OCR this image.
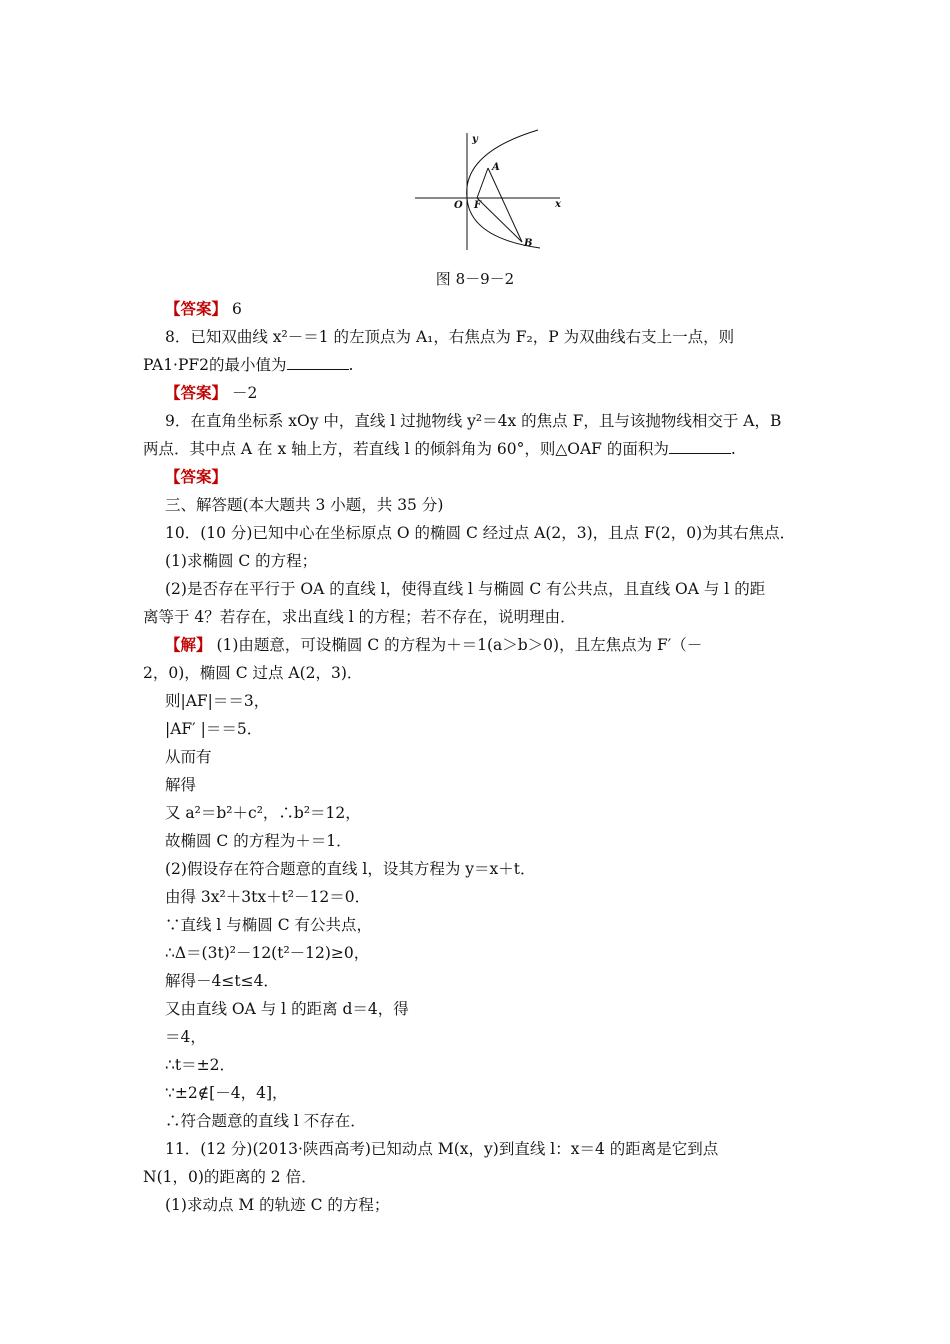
y
x
O F
A
B
图 8－9－2
【答案】 6
8．已知双曲线 x²－＝1 的左顶点为 A₁，右焦点为 F₂，P 为双曲线右支上一点，则
PA1·PF2的最小值为	.
【答案】 －2
9．在直角坐标系 xOy 中，直线 l 过抛物线 y²＝4x 的焦点 F，且与该抛物线相交于 A，B
两点．其中点 A 在 x 轴上方，若直线 l 的倾斜角为 60°，则△OAF 的面积为	.
【答案】
三、解答题(本大题共 3 小题，共 35 分)
10．(10 分)已知中心在坐标原点 O 的椭圆 C 经过点 A(2，3)，且点 F(2，0)为其右焦点．
(1)求椭圆 C 的方程；
(2)是否存在平行于 OA 的直线 l，使得直线 l 与椭圆 C 有公共点，且直线 OA 与 l 的距
离等于 4？若存在，求出直线 l 的方程；若不存在，说明理由．
【解】 (1)由题意，可设椭圆 C 的方程为＋＝1(a＞b＞0)，且左焦点为 F′（－
2，0)，椭圆 C 过点 A(2，3)．
则|AF|＝＝3，
|AF′ |＝＝5．
从而有
解得
又 a²＝b²＋c²，∴b²＝12，
故椭圆 C 的方程为＋＝1．
(2)假设存在符合题意的直线 l，设其方程为 y＝x＋t．
由得 3x²＋3tx＋t²－12＝0．
∵直线 l 与椭圆 C 有公共点，
∴Δ＝(3t)²－12(t²－12)≥0，
解得－4≤t≤4．
又由直线 OA 与 l 的距离 d＝4，得
＝4，
∴t＝±2．
∵±2∉[－4，4]，
∴符合题意的直线 l 不存在．
11．(12 分)(2013·陕西高考)已知动点 M(x，y)到直线 l：x＝4 的距离是它到点
N(1，0)的距离的 2 倍．
(1)求动点 M 的轨迹 C 的方程；
